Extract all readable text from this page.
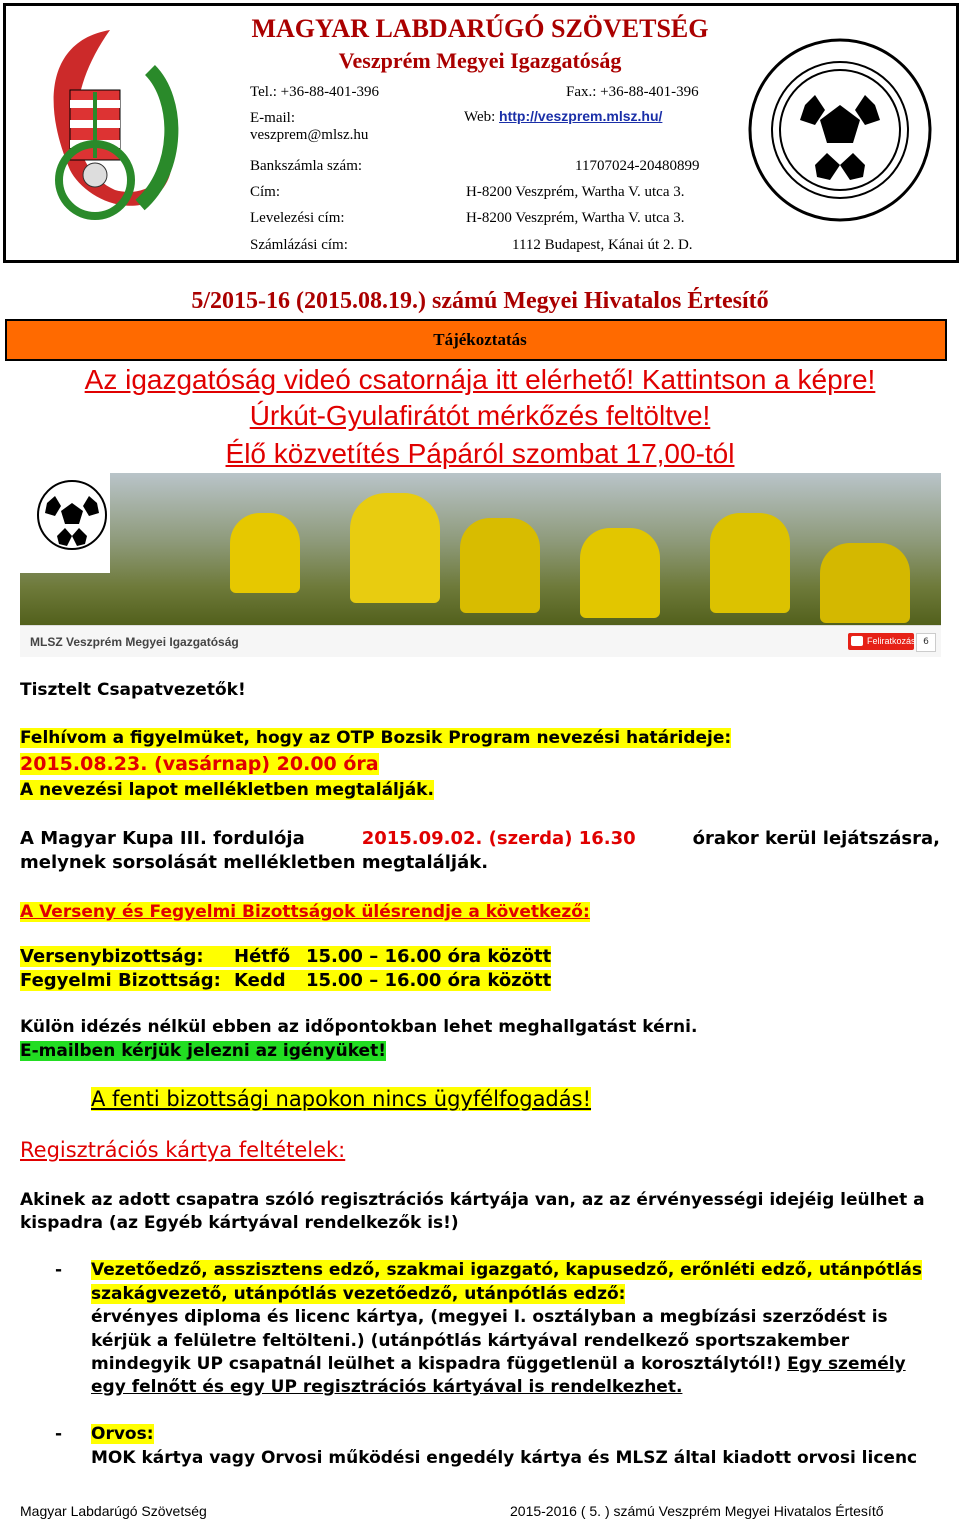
MAGYAR LABDARÚGÓ SZÖVETSÉG
Veszprém Megyei Igazgatóság
Tel.: +36-88-401-396	Fax.: +36-88-401-396
E-mail:
veszprem@mlsz.hu
Web: http://veszprem.mlsz.hu/
Bankszámla szám:	11707024-20480899
Cím:	H-8200 Veszprém, Wartha V. utca 3.
Levelezési cím:	H-8200 Veszprém, Wartha V. utca 3.
Számlázási cím:	1112 Budapest, Kánai út 2. D.
5/2015-16 (2015.08.19.) számú Megyei Hivatalos Értesítő
Tájékoztatás
Az igazgatóság videó csatornája itt elérhető! Kattintson a képre!
Úrkút-Gyulafirátót mérkőzés feltöltve!
Élő közvetítés Pápáról szombat 17,00-tól
MLSZ Veszprém Megyei Igazgatóság	Feliratkozás 6
Tisztelt Csapatvezetők!
Felhívom a figyelmüket, hogy az OTP Bozsik Program nevezési határideje:
2015.08.23. (vasárnap) 20.00 óra
A nevezési lapot mellékletben megtalálják.
A Magyar Kupa III. fordulója	2015.09.02. (szerda) 16.30	órakor kerül lejátszásra,
melynek sorsolását mellékletben megtalálják.
A Verseny és Fegyelmi Bizottságok ülésrendje a következő:
Versenybizottság: Hétfő 15.00 – 16.00 óra között
Fegyelmi Bizottság: Kedd 15.00 – 16.00 óra között
Külön idézés nélkül ebben az időpontokban lehet meghallgatást kérni.
E-mailben kérjük jelezni az igényüket!
A fenti bizottsági napokon nincs ügyfélfogadás!
Regisztrációs kártya feltételek:
Akinek az adott csapatra szóló regisztrációs kártyája van, az az érvényességi idejéig leülhet a
kispadra (az Egyéb kártyával rendelkezők is!)
- Vezetőedző, asszisztens edző, szakmai igazgató, kapusedző, erőnléti edző, utánpótlás
szakágvezető, utánpótlás vezetőedző, utánpótlás edző:
érvényes diploma és licenc kártya, (megyei I. osztályban a megbízási szerződést is
kérjük a felületre feltölteni.) (utánpótlás kártyával rendelkező sportszakember
mindegyik UP csapatnál leülhet a kispadra függetlenül a korosztálytól!) Egy személy
egy felnőtt és egy UP regisztrációs kártyával is rendelkezhet.
- Orvos:
MOK kártya vagy Orvosi működési engedély kártya és MLSZ által kiadott orvosi licenc
Magyar Labdarúgó Szövetség	2015-2016 ( 5. ) számú Veszprém Megyei Hivatalos Értesítő
